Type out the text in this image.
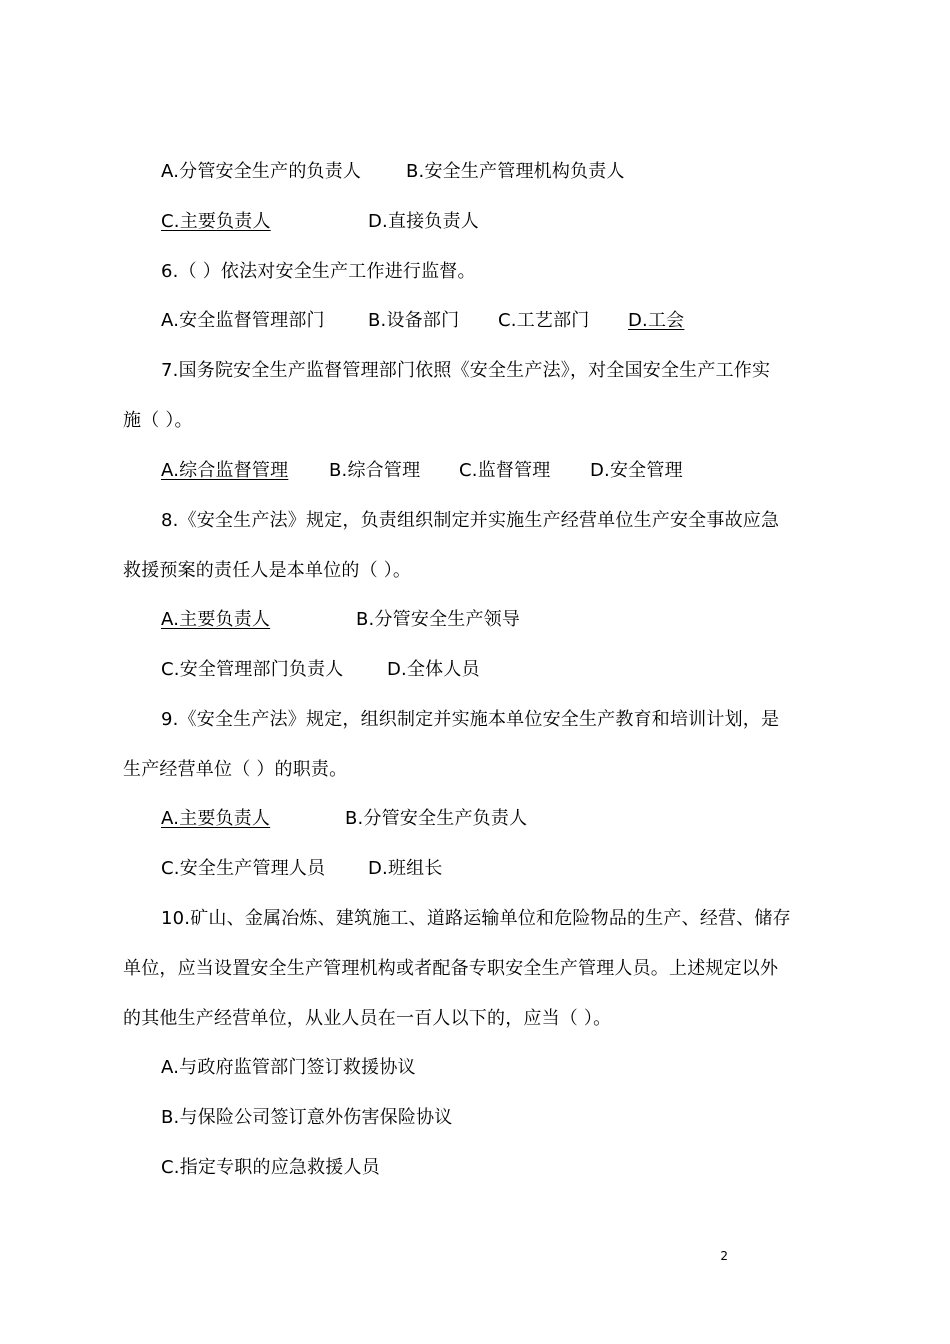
A.分管安全生产的负责人 B.安全生产管理机构负责人
C.主要负责人	D.直接负责人
6.（ ）依法对安全生产工作进行监督。
A.安全监督管理部门 B.设备部门 C.工艺部门 D.工会
7.国务院安全生产监督管理部门依照《安全生产法》，对全国安全生产工作实
施（ ）。
A.综合监督管理 B.综合管理 C.监督管理 D.安全管理
8.《安全生产法》规定，负责组织制定并实施生产经营单位生产安全事故应急
救援预案的责任人是本单位的（ ）。
A.主要负责人	B.分管安全生产领导
C.安全管理部门负责人 D.全体人员
9.《安全生产法》规定，组织制定并实施本单位安全生产教育和培训计划，是
生产经营单位（ ）的职责。
A.主要负责人	B.分管安全生产负责人
C.安全生产管理人员 D.班组长
10.矿山、金属冶炼、建筑施工、道路运输单位和危险物品的生产、经营、储存
单位，应当设置安全生产管理机构或者配备专职安全生产管理人员。上述规定以外
的其他生产经营单位，从业人员在一百人以下的，应当（ ）。
A.与政府监管部门签订救援协议
B.与保险公司签订意外伤害保险协议
C.指定专职的应急救援人员
2
